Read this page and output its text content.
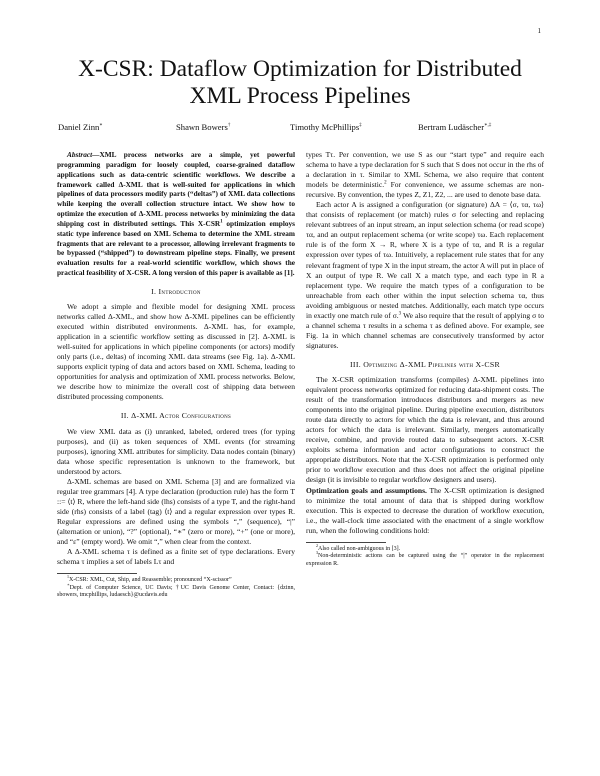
1
X-CSR: Dataflow Optimization for Distributed
XML Process Pipelines
Daniel Zinn∗	Shawn Bowers†	Timothy McPhillips‡	Bertram Ludäscher∗,‡

Abstract—XML process networks are a simple, yet powerful programming paradigm for loosely coupled, coarse-grained dataflow applications such as data-centric scientific workflows. We describe a framework called Δ-XML that is well-suited for applications in which pipelines of data processors modify parts (“deltas”) of XML data collections while keeping the overall collection structure intact. We show how to optimize the execution of Δ-XML process networks by minimizing the data shipping cost in distributed settings. This X-CSR$^1$ optimization employs static type inference based on XML Schema to determine the XML stream fragments that are relevant to a processor, allowing irrelevant fragments to be bypassed (“shipped”) to downstream pipeline steps. Finally, we present evaluation results for a real-world scientific workflow, which shows the practical feasibility of X-CSR. A long version of this paper is available as [1].

I. Introduction

We adopt a simple and flexible model for designing XML process networks called Δ-XML, and show how Δ-XML pipelines can be efficiently executed within distributed environments. Δ-XML has, for example, application in a scientific workflow setting as discussed in [2]. Δ-XML is well-suited for applications in which pipeline components (or actors) modify only parts (i.e., deltas) of incoming XML data streams (see Fig. 1a). Δ-XML supports explicit typing of data and actors based on XML Schema, leading to opportunities for analysis and optimization of XML process networks. Below, we describe how to minimize the overall cost of shipping data between distributed processing components.

II. Δ-XML Actor Configurations

We view XML data as (i) unranked, labeled, ordered trees (for typing purposes), and (ii) as token sequences of XML events (for streaming purposes), ignoring XML attributes for simplicity. Data nodes contain (binary) data whose specific representation is unknown to the framework, but understood by actors.

Δ-XML schemas are based on XML Schema [3] and are formalized via regular tree grammars [4]. A type declaration (production rule) has the form T ::= ⟨t⟩ R, where the left-hand side (lhs) consists of a type T, and the right-hand side (rhs) consists of a label (tag) ⟨t⟩ and a regular expression over types R. Regular expressions are defined using the symbols “,” (sequence), “|” (alternation or union), “?” (optional), “∗” (zero or more), “+” (one or more), and “ε” (empty word). We omit “,” when clear from the context.

A Δ-XML schema τ is defined as a finite set of type declarations. Every schema τ implies a set of labels Lτ and

$^1$X-CSR: XML, Cut, Ship, and Reassemble; pronounced “X-scissor”

∗Dept. of Computer Science, UC Davis; †UC Davis Genome Center, Contact: {dzinn, sbowers, tmcphillips, ludaesch}@ucdavis.edu

types Tτ. Per convention, we use S as our “start type” and require each schema to have a type declaration for S such that S does not occur in the rhs of a declaration in τ. Similar to XML Schema, we also require that content models be deterministic.$^2$ For convenience, we assume schemas are non-recursive. By convention, the types Z, Z1, Z2, ... are used to denote base data.

Each actor A is assigned a configuration (or signature) ΔA = ⟨σ, τα, τω⟩ that consists of replacement (or match) rules σ for selecting and replacing relevant subtrees of an input stream, an input selection schema (or read scope) τα, and an output replacement schema (or write scope) τω. Each replacement rule is of the form X → R, where X is a type of τα, and R is a regular expression over types of τω. Intuitively, a replacement rule states that for any relevant fragment of type X in the input stream, the actor A will put in place of X an output of type R. We call X a match type, and each type in R a replacement type. We require the match types of a configuration to be unreachable from each other within the input selection schema τα, thus avoiding ambiguous or nested matches. Additionally, each match type occurs in exactly one match rule of σ.$^3$ We also require that the result of applying σ to a channel schema τ results in a schema τ as defined above. For example, see Fig. 1a in which channel schemas are consecutively transformed by actor signatures.

III. Optimizing Δ-XML Pipelines with X-CSR

The X-CSR optimization transforms (compiles) Δ-XML pipelines into equivalent process networks optimized for reducing data-shipment costs. The result of the transformation introduces distributors and mergers as new components into the original pipeline. During pipeline execution, distributors route data directly to actors for which the data is relevant, and thus around actors for which the data is irrelevant. Similarly, mergers automatically receive, combine, and provide routed data to subsequent actors. X-CSR exploits schema information and actor configurations to construct the appropriate distributors. Note that the X-CSR optimization is performed only prior to workflow execution and thus does not affect the original pipeline design (it is invisible to regular workflow designers and users).

Optimization goals and assumptions. The X-CSR optimization is designed to minimize the total amount of data that is shipped during workflow execution. This is expected to decrease the duration of workflow execution, i.e., the wall-clock time associated with the enactment of a single workflow run, when the following conditions hold:

$^2$Also called non-ambiguous in [3].

$^3$Non-deterministic actions can be captured using the “|” operator in the replacement expression R.
